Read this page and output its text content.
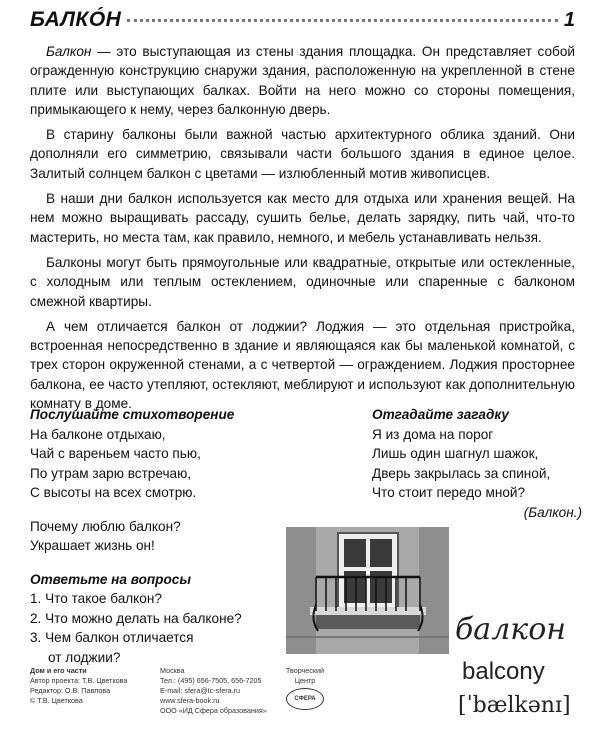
БАЛКÓН	1

Балкон — это выступающая из стены здания площадка. Он представляет собой огражденную конструкцию снаружи здания, расположенную на укрепленной в стене плите или выступающих балках. Войти на него можно со стороны помещения, примыкающего к нему, через балконную дверь.

В старину балконы были важной частью архитектурного облика зданий. Они дополняли его симметрию, связывали части большого здания в единое целое. Залитый солнцем балкон с цветами — излюбленный мотив живописцев.

В наши дни балкон используется как место для отдыха или хранения вещей. На нем можно выращивать рассаду, сушить белье, делать зарядку, пить чай, что-то мастерить, но места там, как правило, немного, и мебель устанавливать нельзя.

Балконы могут быть прямоугольные или квадратные, открытые или остекленные, с холодным или теплым остеклением, одиночные или спаренные с балконом смежной квартиры.

А чем отличается балкон от лоджии? Лоджия — это отдельная пристройка, встроенная непосредственно в здание и являющаяся как бы маленькой комнатой, с трех сторон окруженной стенами, а с четвертой — ограждением. Лоджия просторнее балкона, ее часто утепляют, остекляют, меблируют и используют как дополнительную комнату в доме.

Послушайте стихотворение
На балконе отдыхаю,
Чай с вареньем часто пью,
По утрам зарю встречаю,
С высоты на всех смотрю.
Почему люблю балкон?
Украшает жизнь он!
Ответьте на вопросы
1. Что такое балкон?
2. Что можно делать на балконе?
3. Чем балкон отличается
от лоджии?
Отгадайте загадку
Я из дома на порог
Лишь один шагнул шажок,
Дверь закрылась за спиной,
Что стоит передо мной?
(Балкон.)
балкон
balcony
[ˈbælkənɪ]
Дом и его части
Автор проекта: Т.В. Цветкова
Редактор: О.В. Павлова
© Т.В. Цветкова
Москва
Тел.: (495) 656-7505, 656-7205
E-mail: sfera@tc-sfera.ru
www.sfera-book.ru
ООО «ИД Сфера образования»
Творческий Центр
СФЕРА
